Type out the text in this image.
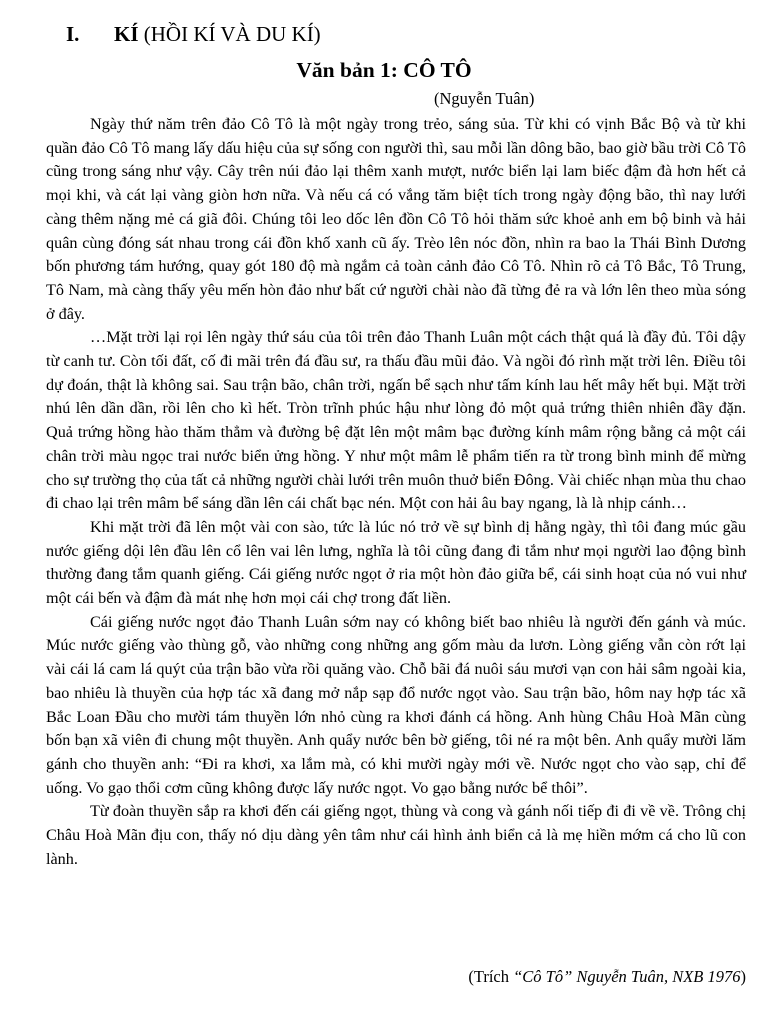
I. KÍ (HỒI KÍ VÀ DU KÍ)
Văn bản 1: CÔ TÔ
(Nguyễn Tuân)

Ngày thứ năm trên đảo Cô Tô là một ngày trong trẻo, sáng sủa. Từ khi có vịnh Bắc Bộ và từ khi quần đảo Cô Tô mang lấy dấu hiệu của sự sống con người thì, sau mỗi lần dông bão, bao giờ bầu trời Cô Tô cũng trong sáng như vậy. Cây trên núi đảo lại thêm xanh mượt, nước biển lại lam biếc đậm đà hơn hết cả mọi khi, và cát lại vàng giòn hơn nữa. Và nếu cá có vắng tăm biệt tích trong ngày động bão, thì nay lưới càng thêm nặng mẻ cá giã đôi. Chúng tôi leo dốc lên đồn Cô Tô hỏi thăm sức khoẻ anh em bộ binh và hải quân cùng đóng sát nhau trong cái đồn khố xanh cũ ấy. Trèo lên nóc đồn, nhìn ra bao la Thái Bình Dương bốn phương tám hướng, quay gót 180 độ mà ngắm cả toàn cảnh đảo Cô Tô. Nhìn rõ cả Tô Bắc, Tô Trung, Tô Nam, mà càng thấy yêu mến hòn đảo như bất cứ người chài nào đã từng đẻ ra và lớn lên theo mùa sóng ở đây.

…Mặt trời lại rọi lên ngày thứ sáu của tôi trên đảo Thanh Luân một cách thật quá là đầy đủ. Tôi dậy từ canh tư. Còn tối đất, cố đi mãi trên đá đầu sư, ra thấu đầu mũi đảo. Và ngồi đó rình mặt trời lên. Điều tôi dự đoán, thật là không sai. Sau trận bão, chân trời, ngấn bể sạch như tấm kính lau hết mây hết bụi. Mặt trời nhú lên dần dần, rồi lên cho kì hết. Tròn trĩnh phúc hậu như lòng đỏ một quả trứng thiên nhiên đầy đặn. Quả trứng hồng hào thăm thẳm và đường bệ đặt lên một mâm bạc đường kính mâm rộng bằng cả một cái chân trời màu ngọc trai nước biển ửng hồng. Y như một mâm lễ phẩm tiến ra từ trong bình minh để mừng cho sự trường thọ của tất cả những người chài lưới trên muôn thuở biển Đông. Vài chiếc nhạn mùa thu chao đi chao lại trên mâm bể sáng dần lên cái chất bạc nén. Một con hải âu bay ngang, là là nhịp cánh…

Khi mặt trời đã lên một vài con sào, tức là lúc nó trở về sự bình dị hằng ngày, thì tôi đang múc gầu nước giếng dội lên đầu lên cổ lên vai lên lưng, nghĩa là tôi cũng đang đi tắm như mọi người lao động bình thường đang tắm quanh giếng. Cái giếng nước ngọt ở ria một hòn đảo giữa bể, cái sinh hoạt của nó vui như một cái bến và đậm đà mát nhẹ hơn mọi cái chợ trong đất liền.

Cái giếng nước ngọt đảo Thanh Luân sớm nay có không biết bao nhiêu là người đến gánh và múc. Múc nước giếng vào thùng gỗ, vào những cong những ang gốm màu da lươn. Lòng giếng vẫn còn rớt lại vài cái lá cam lá quýt của trận bão vừa rồi quăng vào. Chỗ bãi đá nuôi sáu mươi vạn con hải sâm ngoài kia, bao nhiêu là thuyền của hợp tác xã đang mở nắp sạp đổ nước ngọt vào. Sau trận bão, hôm nay hợp tác xã Bắc Loan Đầu cho mười tám thuyền lớn nhỏ cùng ra khơi đánh cá hồng. Anh hùng Châu Hoà Mãn cùng bốn bạn xã viên đi chung một thuyền. Anh quẩy nước bên bờ giếng, tôi né ra một bên. Anh quẩy mười lăm gánh cho thuyền anh: “Đi ra khơi, xa lắm mà, có khi mười ngày mới về. Nước ngọt cho vào sạp, chỉ để uống. Vo gạo thổi cơm cũng không được lấy nước ngọt. Vo gạo bằng nước bể thôi”.

Từ đoàn thuyền sắp ra khơi đến cái giếng ngọt, thùng và cong và gánh nối tiếp đi đi về về. Trông chị Châu Hoà Mãn địu con, thấy nó dịu dàng yên tâm như cái hình ảnh biển cả là mẹ hiền mớm cá cho lũ con lành.

(Trích “Cô Tô” Nguyễn Tuân, NXB 1976)
